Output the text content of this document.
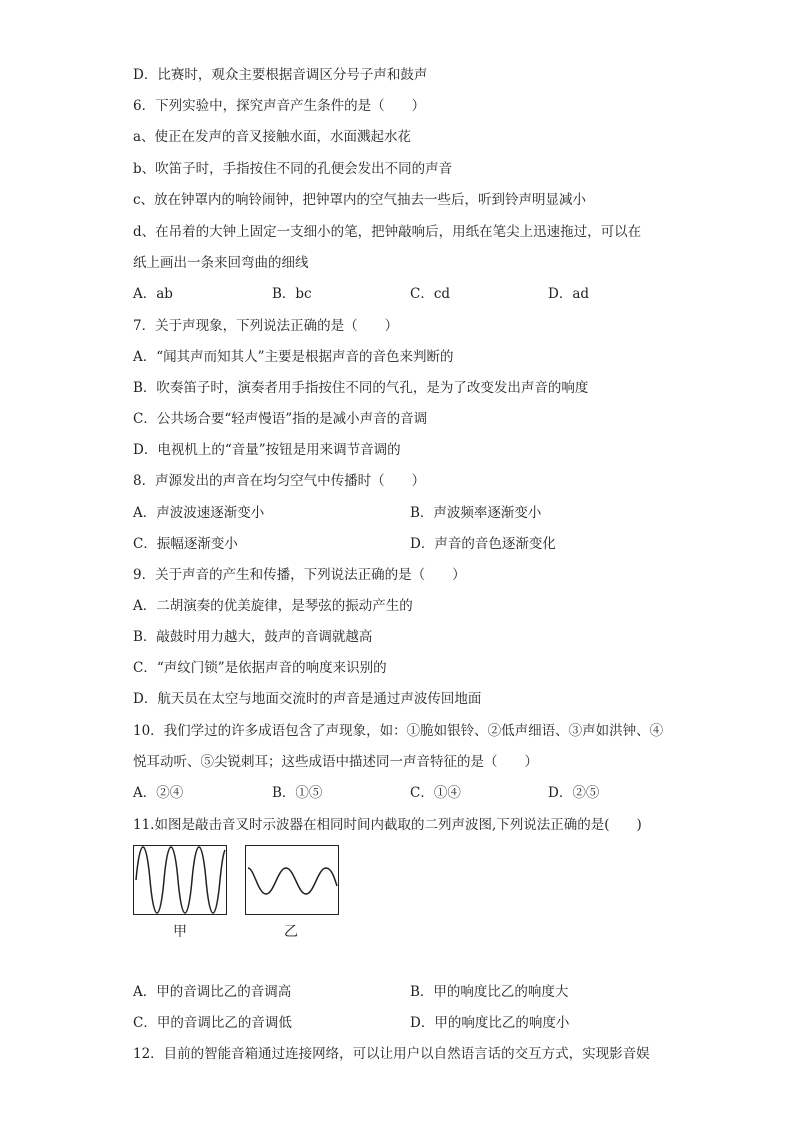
D．比赛时，观众主要根据音调区分号子声和鼓声
6．下列实验中，探究声音产生条件的是（　　）
a、使正在发声的音叉接触水面，水面溅起水花
b、吹笛子时，手指按住不同的孔便会发出不同的声音
c、放在钟罩内的响铃闹钟，把钟罩内的空气抽去一些后，听到铃声明显减小
d、在吊着的大钟上固定一支细小的笔，把钟敲响后，用纸在笔尖上迅速拖过，可以在
纸上画出一条来回弯曲的细线
7．关于声现象，下列说法正确的是（　　）
A．“闻其声而知其人”主要是根据声音的音色来判断的
B．吹奏笛子时，演奏者用手指按住不同的气孔，是为了改变发出声音的响度
C．公共场合要“轻声慢语”指的是减小声音的音调
D．电视机上的“音量”按钮是用来调节音调的
8．声源发出的声音在均匀空气中传播时（　　）
9．关于声音的产生和传播，下列说法正确的是（　　）
A．二胡演奏的优美旋律，是琴弦的振动产生的
B．敲鼓时用力越大，鼓声的音调就越高
C．“声纹门锁”是依据声音的响度来识别的
D．航天员在太空与地面交流时的声音是通过声波传回地面
10．我们学过的许多成语包含了声现象，如：①脆如银铃、②低声细语、③声如洪钟、④
悦耳动听、⑤尖锐刺耳；这些成语中描述同一声音特征的是（　　）
11.如图是敲击音叉时示波器在相同时间内截取的二列声波图,下列说法正确的是(　　)
12．目前的智能音箱通过连接网络，可以让用户以自然语言话的交互方式，实现影音娱
A．ab	B．bc	C．cd	D．ad
A．声波波速逐渐变小	B．声波频率逐渐变小
C．振幅逐渐变小	D．声音的音色逐渐变化
A．②④	B．①⑤	C．①④	D．②⑤
A．甲的音调比乙的音调高	B．甲的响度比乙的响度大
C．甲的音调比乙的音调低	D．甲的响度比乙的响度小
甲	乙
